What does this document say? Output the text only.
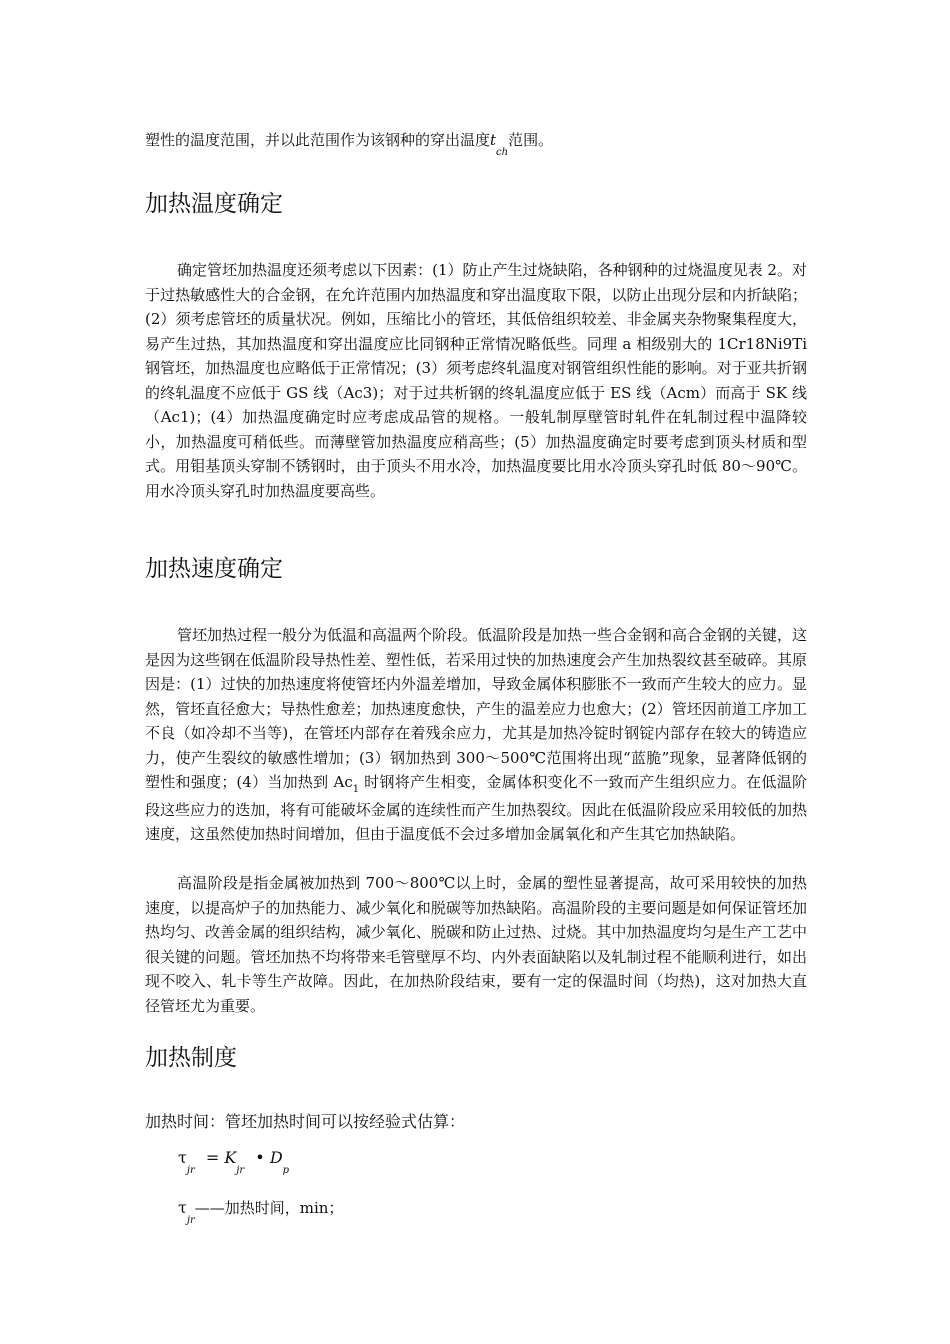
塑性的温度范围，并以此范围作为该钢种的穿出温度$t_{ch}$范围。
加热温度确定

确定管坯加热温度还须考虑以下因素：(1）防止产生过烧缺陷，各种钢种的过烧温度见表 2。对于过热敏感性大的合金钢，在允许范围内加热温度和穿出温度取下限，以防止出现分层和内折缺陷；(2）须考虑管坯的质量状况。例如，压缩比小的管坯，其低倍组织较差、非金属夹杂物聚集程度大，易产生过热，其加热温度和穿出温度应比同钢种正常情况略低些。同理 a 相级别大的 1Cr18Ni9Ti 钢管坯，加热温度也应略低于正常情况；(3）须考虑终轧温度对钢管组织性能的影响。对于亚共折钢的终轧温度不应低于 GS 线（Ac3)；对于过共析钢的终轧温度应低于 ES 线（Acm）而高于 SK 线（Ac1)；(4）加热温度确定时应考虑成品管的规格。一般轧制厚壁管时轧件在轧制过程中温降较小，加热温度可稍低些。而薄壁管加热温度应稍高些；(5）加热温度确定时要考虑到顶头材质和型式。用钼基顶头穿制不锈钢时，由于顶头不用水冷，加热温度要比用水冷顶头穿孔时低 80～90℃。用水冷顶头穿孔时加热温度要高些。

加热速度确定

管坯加热过程一般分为低温和高温两个阶段。低温阶段是加热一些合金钢和高合金钢的关键，这是因为这些钢在低温阶段导热性差、塑性低，若采用过快的加热速度会产生加热裂纹甚至破碎。其原因是：(1）过快的加热速度将使管坯内外温差增加，导致金属体积膨胀不一致而产生较大的应力。显然，管坯直径愈大；导热性愈差；加热速度愈快，产生的温差应力也愈大；(2）管坯因前道工序加工不良（如冷却不当等)，在管坯内部存在着残余应力，尤其是加热冷锭时钢锭内部存在较大的铸造应力，使产生裂纹的敏感性增加；(3）钢加热到 300～500℃范围将出现“蓝脆”现象，显著降低钢的塑性和强度；(4）当加热到 $Ac_1$ 时钢将产生相变，金属体积变化不一致而产生组织应力。在低温阶段这些应力的迭加，将有可能破坏金属的连续性而产生加热裂纹。因此在低温阶段应采用较低的加热速度，这虽然使加热时间增加，但由于温度低不会过多增加金属氧化和产生其它加热缺陷。

高温阶段是指金属被加热到 700～800℃以上时，金属的塑性显著提高，故可采用较快的加热速度，以提高炉子的加热能力、减少氧化和脱碳等加热缺陷。高温阶段的主要问题是如何保证管坯加热均匀、改善金属的组织结构，减少氧化、脱碳和防止过热、过烧。其中加热温度均匀是生产工艺中很关键的问题。管坯加热不均将带来毛管壁厚不均、内外表面缺陷以及轧制过程不能顺利进行，如出现不咬入、轧卡等生产故障。因此，在加热阶段结束，要有一定的保温时间（均热)，这对加热大直径管坯尤为重要。

加热制度
加热时间：管坯加热时间可以按经验式估算：
$\tau_{jr} = K_{jr}$ • $D_p$
$\tau_{jr}——$加热时间，min；
